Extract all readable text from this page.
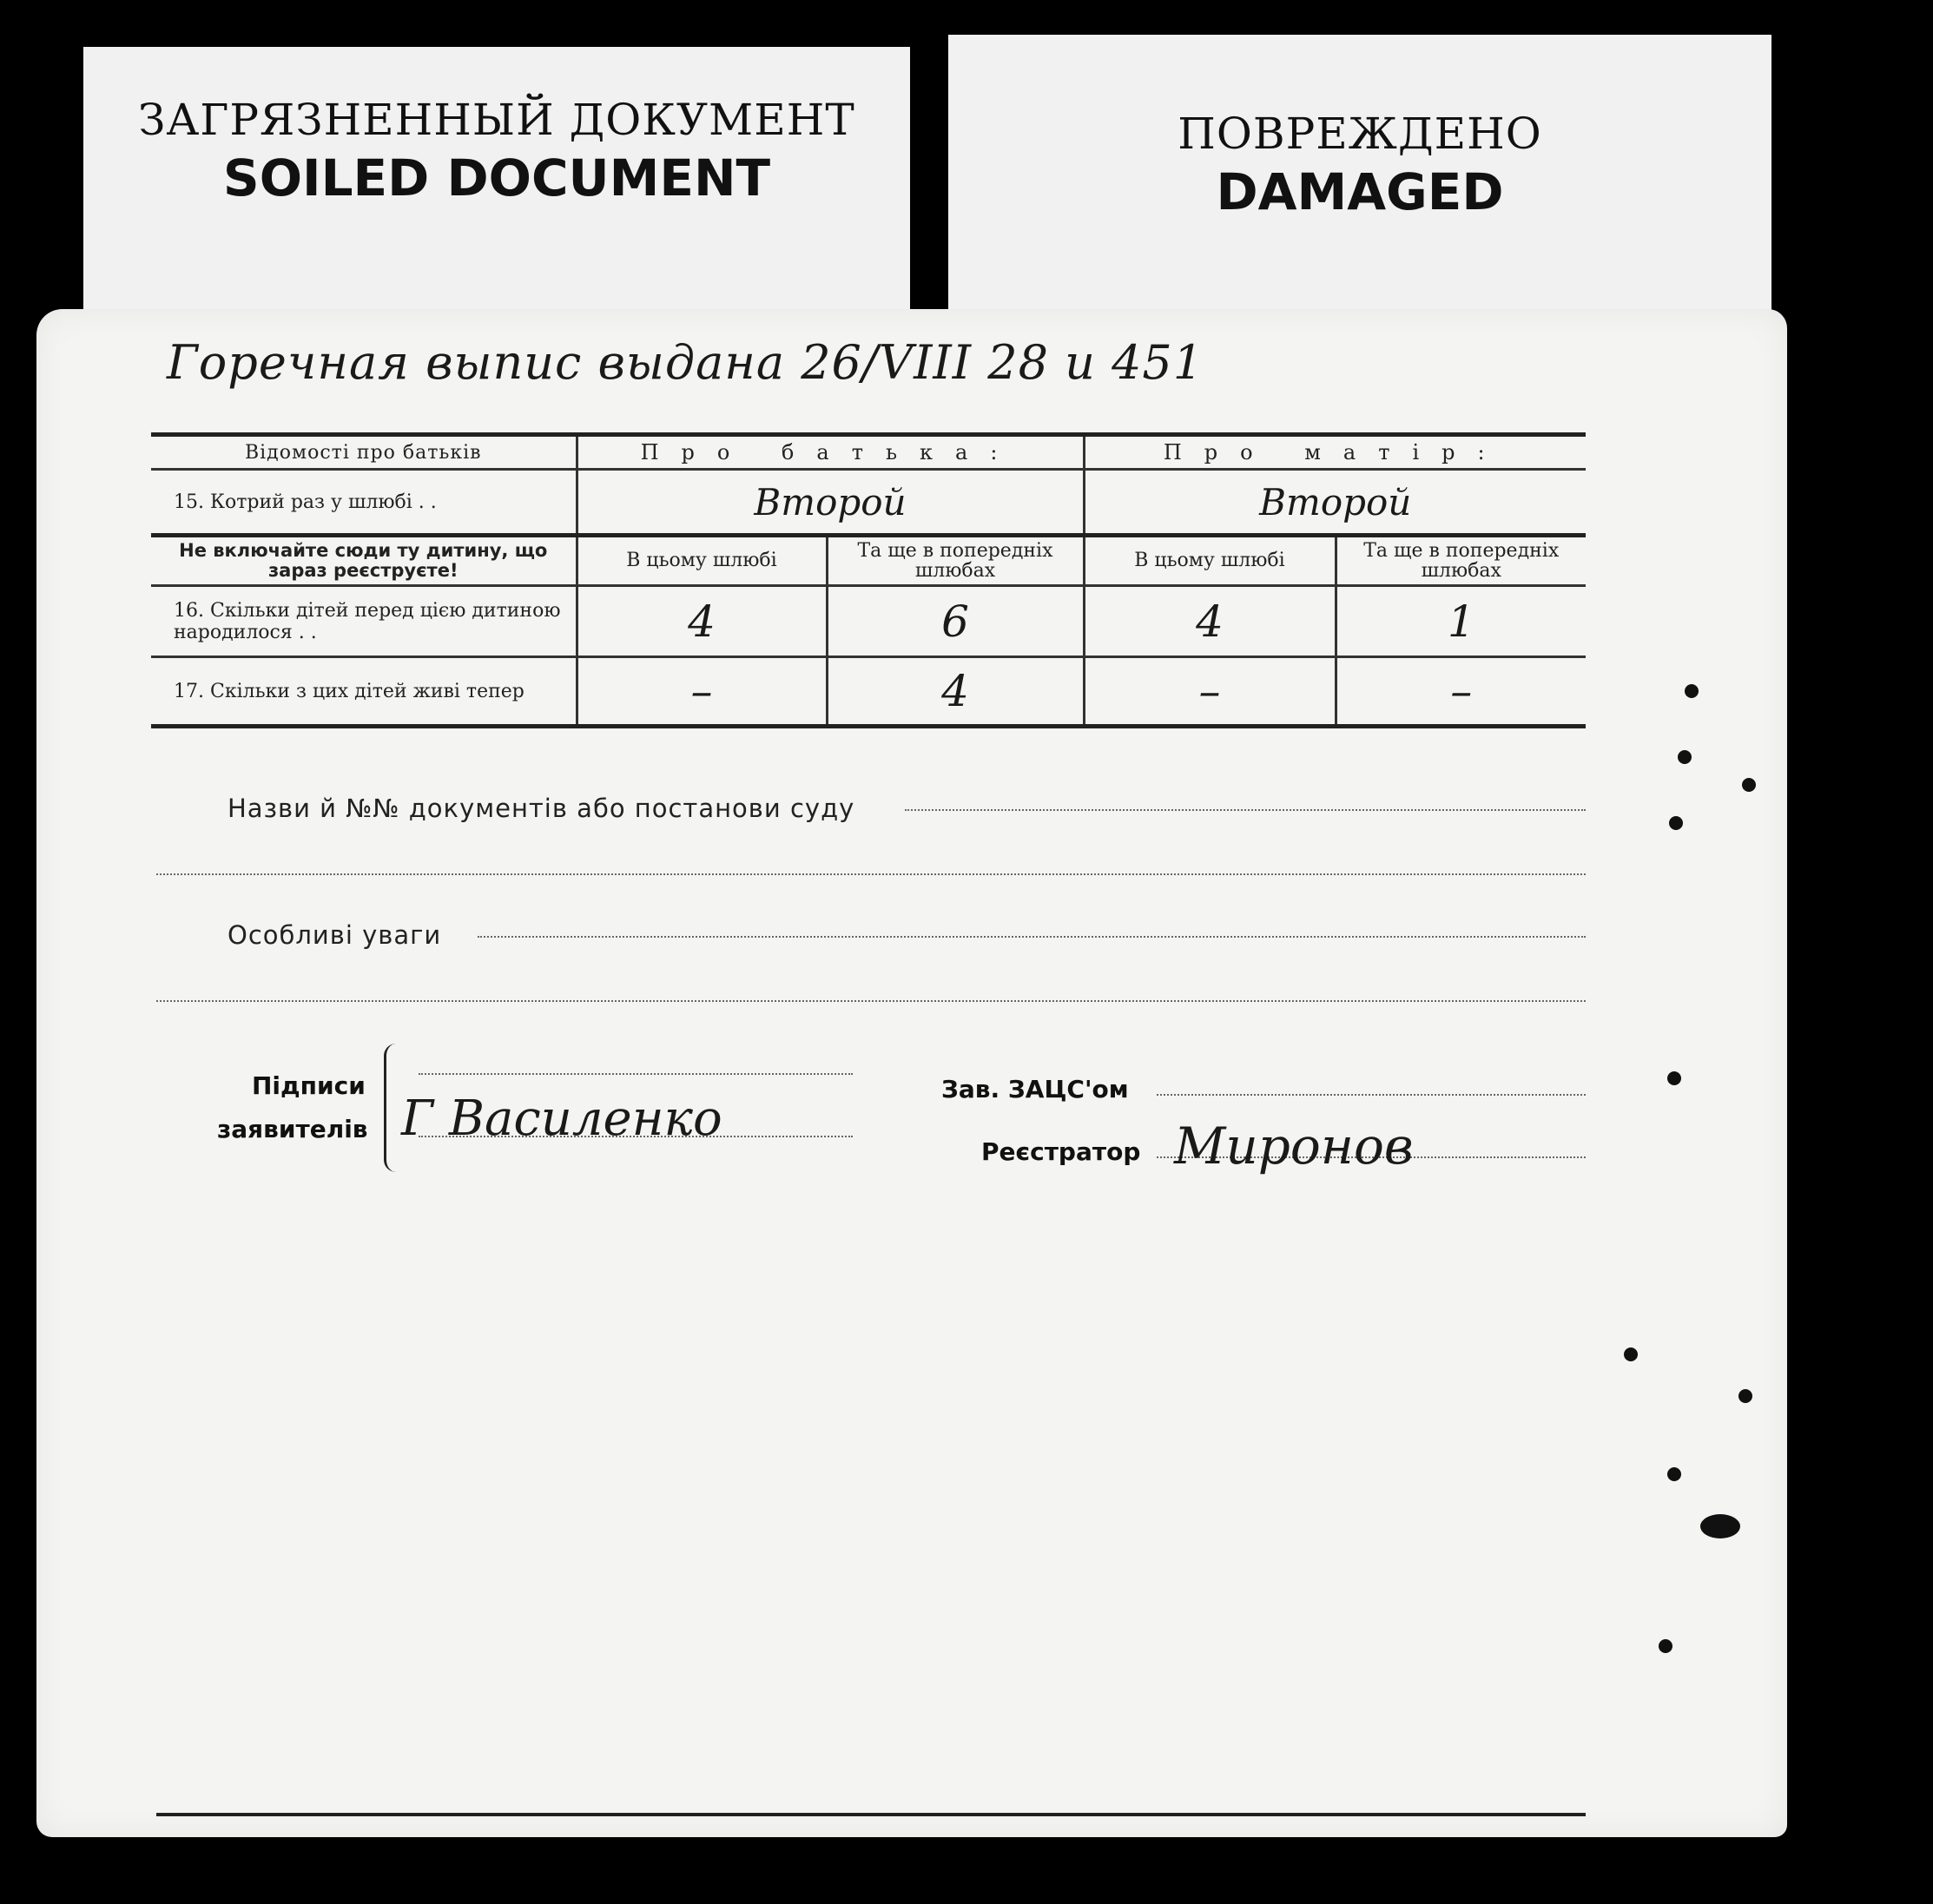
ЗАГРЯЗНЕННЫЙ ДОКУМЕНТ
SOILED DOCUMENT
ПОВРЕЖДЕНО
DAMAGED
Горечная выпис выдана 26/VIII 28 и 451
Відомості про батьків	Про батька:		Про матір:	
15. Котрий раз у шлюбі . .	Второй		Второй	
Не включайте сюди ту дитину, що зараз реєструєте!	В цьому шлюбі	Та ще в попередніх шлюбах	В цьому шлюбі	Та ще в попередніх шлюбах
16. Скільки дітей перед цією дитиною народилося . .	4	6	4	1
17. Скільки з цих дітей живі тепер	–	4	–	–
Назви й №№ документів або постанови суду
Особливі уваги
Підписи
заявителів Г Василенко
Зав. ЗАЦС'ом
Реєстратор Миронов
